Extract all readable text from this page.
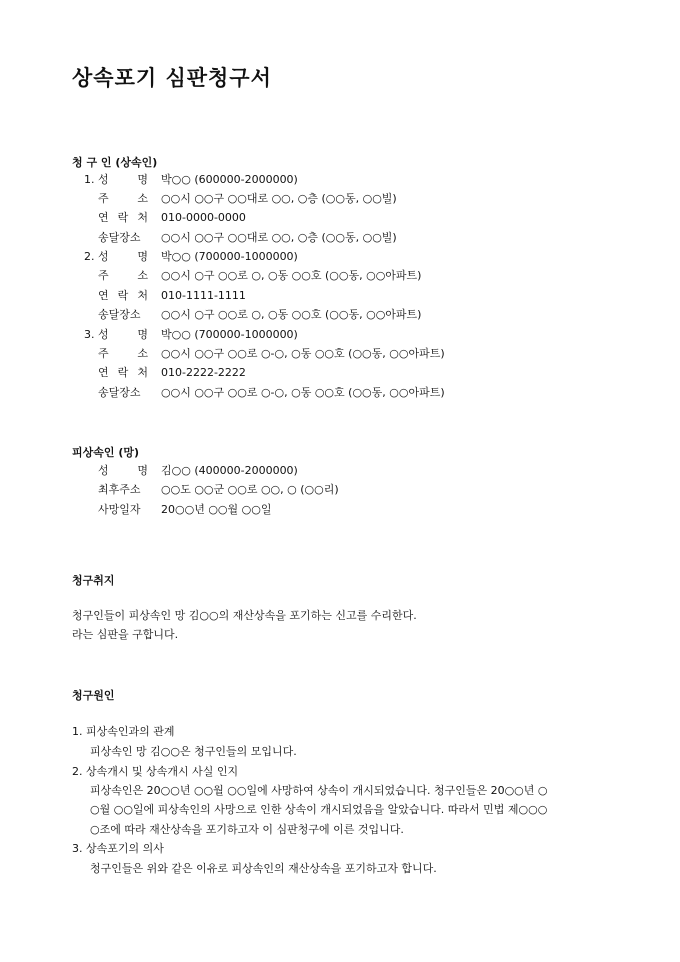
상속포기 심판청구서
청 구 인 (상속인)
1. 성 명 박○○ (600000-2000000)
주 소 ○○시 ○○구 ○○대로 ○○, ○층 (○○동, ○○빌)
연 락 처 010-0000-0000
송달장소	○○시 ○○구 ○○대로 ○○, ○층 (○○동, ○○빌)
2. 성 명 박○○ (700000-1000000)
주 소 ○○시 ○구 ○○로 ○, ○동 ○○호 (○○동, ○○아파트)
연 락 처 010-1111-1111
송달장소	○○시 ○구 ○○로 ○, ○동 ○○호 (○○동, ○○아파트)
3. 성 명 박○○ (700000-1000000)
주 소 ○○시 ○○구 ○○로 ○-○, ○동 ○○호 (○○동, ○○아파트)
연 락 처 010-2222-2222
송달장소	○○시 ○○구 ○○로 ○-○, ○동 ○○호 (○○동, ○○아파트)
피상속인 (망)
성 명 김○○ (400000-2000000)
최후주소	○○도 ○○군 ○○로 ○○, ○ (○○리)
사망일자	20○○년 ○○월 ○○일
청구취지
청구인들이 피상속인 망 김○○의 재산상속을 포기하는 신고를 수리한다.
라는 심판을 구합니다.
청구원인
1. 피상속인과의 관계
피상속인 망 김○○은 청구인들의 모입니다.
2. 상속개시 및 상속개시 사실 인지
피상속인은 20○○년 ○○월 ○○일에 사망하여 상속이 개시되었습니다. 청구인들은 20○○년 ○
○월 ○○일에 피상속인의 사망으로 인한 상속이 개시되었음을 알았습니다. 따라서 민법 제○○○
○조에 따라 재산상속을 포기하고자 이 심판청구에 이른 것입니다.
3. 상속포기의 의사
청구인들은 위와 같은 이유로 피상속인의 재산상속을 포기하고자 합니다.
